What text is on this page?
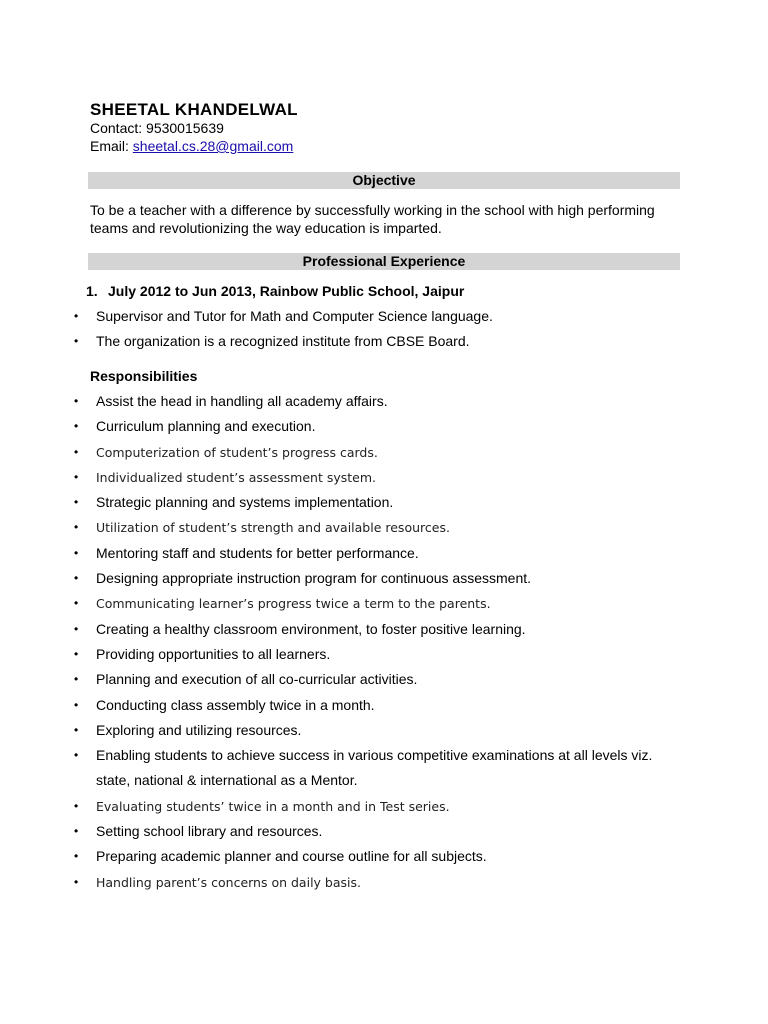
SHEETAL KHANDELWAL
Contact: 9530015639
Email: sheetal.cs.28@gmail.com
Objective
To be a teacher with a difference by successfully working in the school with high performing teams and revolutionizing the way education is imparted.
Professional Experience
1. July 2012 to Jun 2013, Rainbow Public School, Jaipur
• Supervisor and Tutor for Math and Computer Science language.
• The organization is a recognized institute from CBSE Board.
Responsibilities
• Assist the head in handling all academy affairs.
• Curriculum planning and execution.
• Computerization of student’s progress cards.
• Individualized student’s assessment system.
• Strategic planning and systems implementation.
• Utilization of student’s strength and available resources.
• Mentoring staff and students for better performance.
• Designing appropriate instruction program for continuous assessment.
• Communicating learner’s progress twice a term to the parents.
• Creating a healthy classroom environment, to foster positive learning.
• Providing opportunities to all learners.
• Planning and execution of all co-curricular activities.
• Conducting class assembly twice in a month.
• Exploring and utilizing resources.
• Enabling students to achieve success in various competitive examinations at all levels viz.
state, national & international as a Mentor.
• Evaluating students’ twice in a month and in Test series.
• Setting school library and resources.
• Preparing academic planner and course outline for all subjects.
• Handling parent’s concerns on daily basis.
